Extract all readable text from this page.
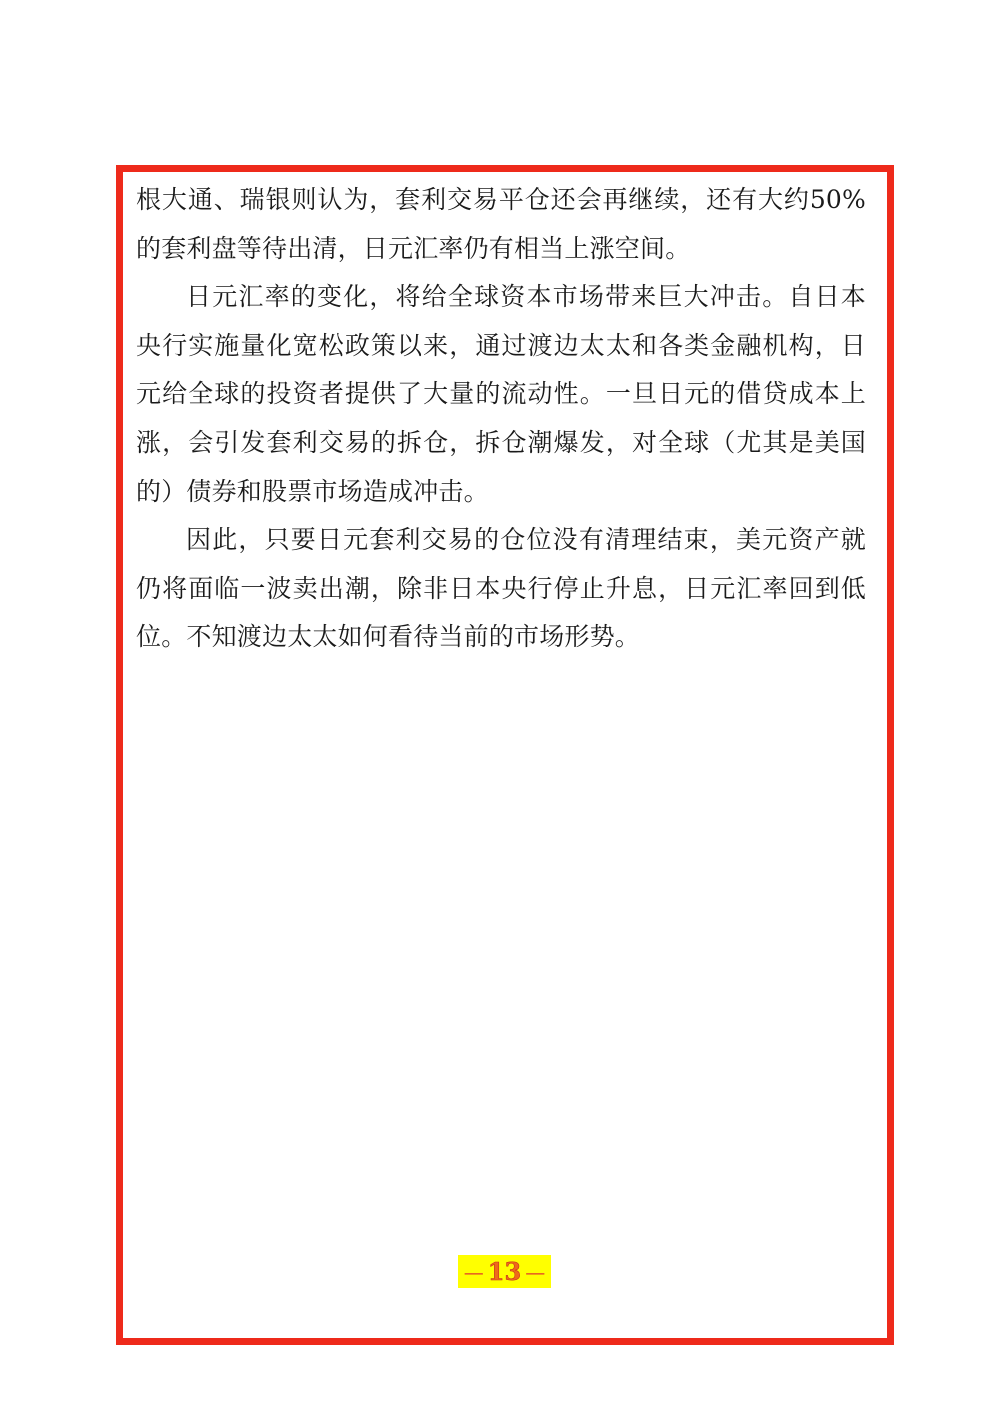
根大通、瑞银则认为，套利交易平仓还会再继续，还有大约50%的套利盘等待出清，日元汇率仍有相当上涨空间。

日元汇率的变化，将给全球资本市场带来巨大冲击。自日本央行实施量化宽松政策以来，通过渡边太太和各类金融机构，日元给全球的投资者提供了大量的流动性。一旦日元的借贷成本上涨，会引发套利交易的拆仓，拆仓潮爆发，对全球（尤其是美国的）债券和股票市场造成冲击。

因此，只要日元套利交易的仓位没有清理结束，美元资产就仍将面临一波卖出潮，除非日本央行停止升息，日元汇率回到低位。不知渡边太太如何看待当前的市场形势。

— 13 —
